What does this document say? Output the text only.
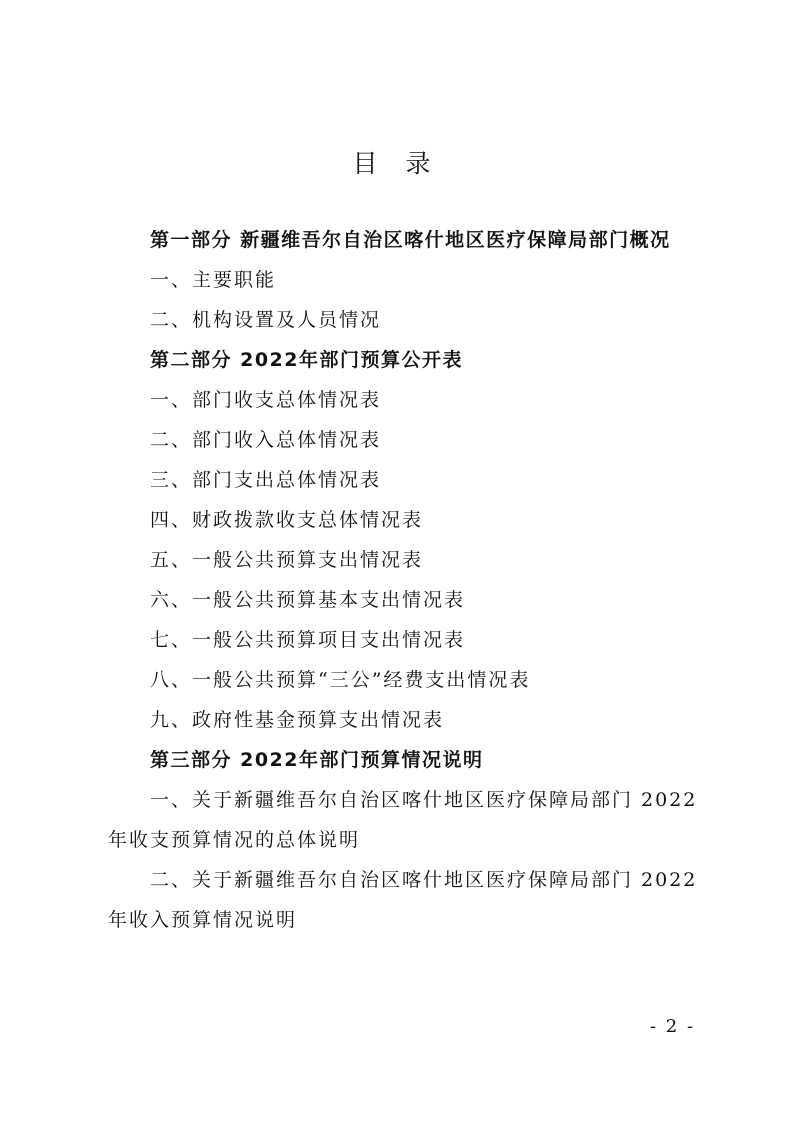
目 录
第一部分 新疆维吾尔自治区喀什地区医疗保障局部门概况
一、主要职能
二、机构设置及人员情况
第二部分 2022年部门预算公开表
一、部门收支总体情况表
二、部门收入总体情况表
三、部门支出总体情况表
四、财政拨款收支总体情况表
五、一般公共预算支出情况表
六、一般公共预算基本支出情况表
七、一般公共预算项目支出情况表
八、一般公共预算“三公”经费支出情况表
九、政府性基金预算支出情况表
第三部分 2022年部门预算情况说明
一、关于新疆维吾尔自治区喀什地区医疗保障局部门 2022
年收支预算情况的总体说明
二、关于新疆维吾尔自治区喀什地区医疗保障局部门 2022
年收入预算情况说明
- 2 -
